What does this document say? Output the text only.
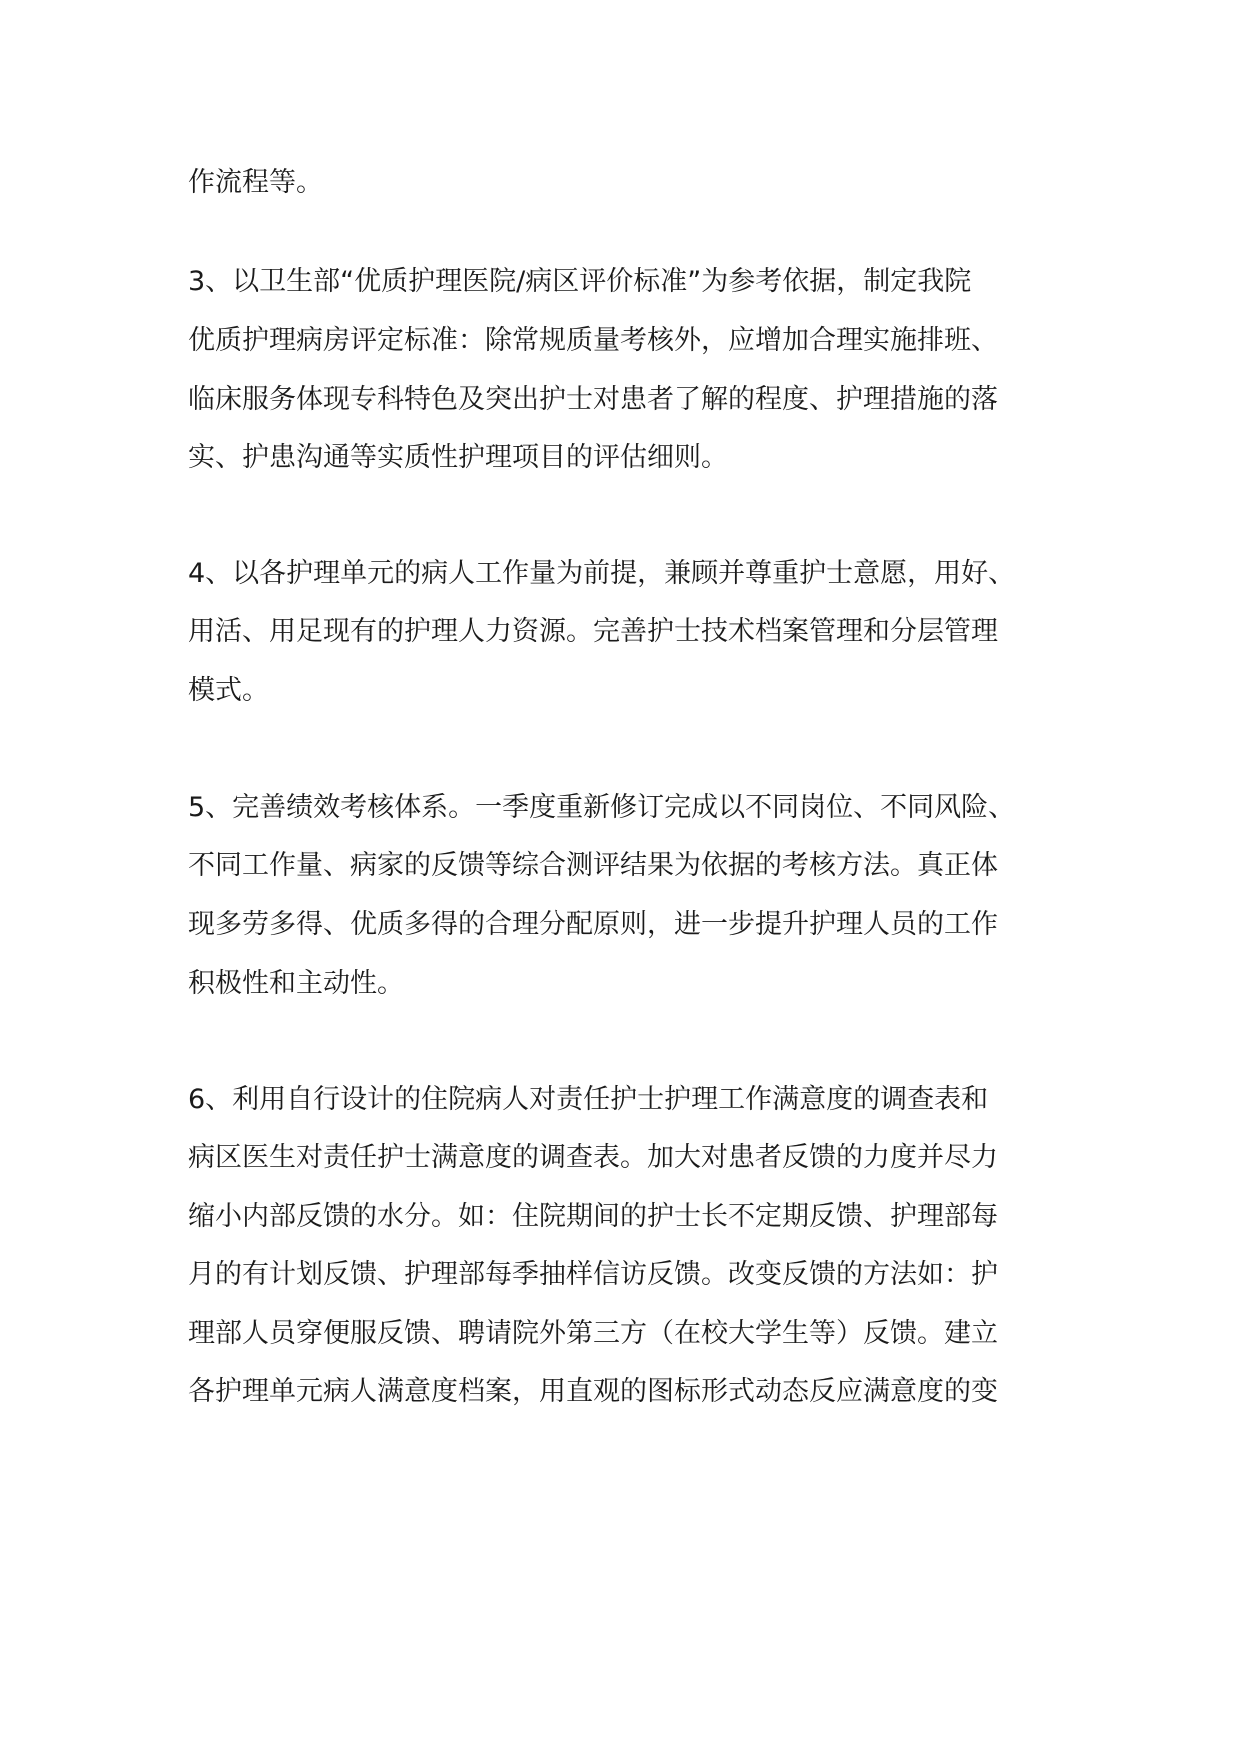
作流程等。
3、以卫生部“优质护理医院/病区评价标准”为参考依据，制定我院
优质护理病房评定标准：除常规质量考核外，应增加合理实施排班、
临床服务体现专科特色及突出护士对患者了解的程度、护理措施的落
实、护患沟通等实质性护理项目的评估细则。
4、以各护理单元的病人工作量为前提，兼顾并尊重护士意愿，用好、
用活、用足现有的护理人力资源。完善护士技术档案管理和分层管理
模式。
5、完善绩效考核体系。一季度重新修订完成以不同岗位、不同风险、
不同工作量、病家的反馈等综合测评结果为依据的考核方法。真正体
现多劳多得、优质多得的合理分配原则，进一步提升护理人员的工作
积极性和主动性。
6、利用自行设计的住院病人对责任护士护理工作满意度的调查表和
病区医生对责任护士满意度的调查表。加大对患者反馈的力度并尽力
缩小内部反馈的水分。如：住院期间的护士长不定期反馈、护理部每
月的有计划反馈、护理部每季抽样信访反馈。改变反馈的方法如：护
理部人员穿便服反馈、聘请院外第三方（在校大学生等）反馈。建立
各护理单元病人满意度档案，用直观的图标形式动态反应满意度的变
